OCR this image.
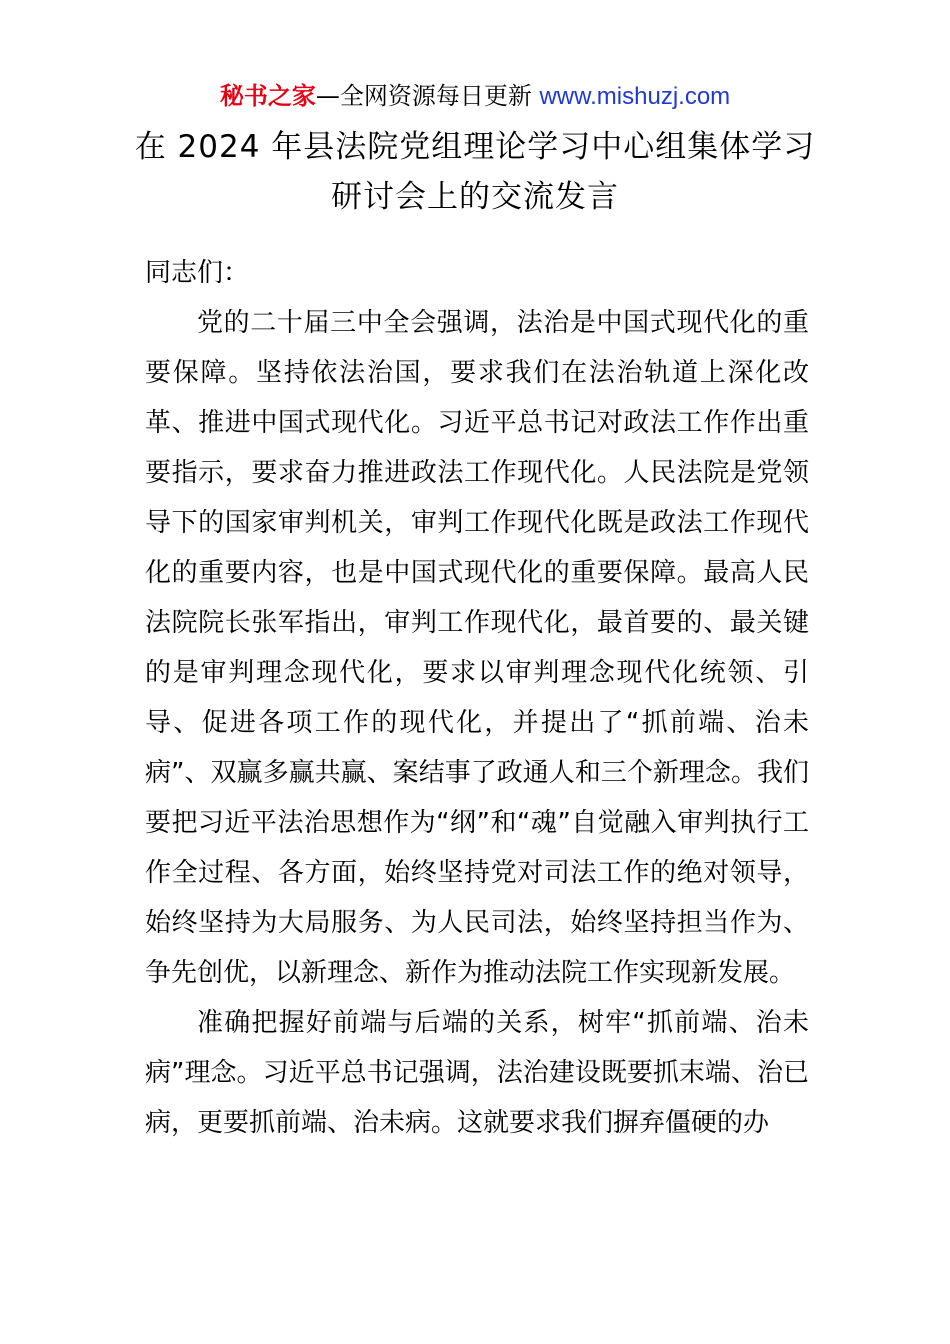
秘书之家—全网资源每日更新 www.mishuzj.com
在 2024 年县法院党组理论学习中心组集体学习
研讨会上的交流发言

同志们：

党的二十届三中全会强调，法治是中国式现代化的重要保障。坚持依法治国，要求我们在法治轨道上深化改革、推进中国式现代化。习近平总书记对政法工作作出重要指示，要求奋力推进政法工作现代化。人民法院是党领导下的国家审判机关，审判工作现代化既是政法工作现代化的重要内容，也是中国式现代化的重要保障。最高人民法院院长张军指出，审判工作现代化，最首要的、最关键的是审判理念现代化，要求以审判理念现代化统领、引导、促进各项工作的现代化，并提出了“抓前端、治未病”、双赢多赢共赢、案结事了政通人和三个新理念。我们要把习近平法治思想作为“纲”和“魂”自觉融入审判执行工作全过程、各方面，始终坚持党对司法工作的绝对领导，始终坚持为大局服务、为人民司法，始终坚持担当作为、争先创优，以新理念、新作为推动法院工作实现新发展。

准确把握好前端与后端的关系，树牢“抓前端、治未病”理念。习近平总书记强调，法治建设既要抓末端、治已病，更要抓前端、治未病。这就要求我们摒弃僵硬的办
